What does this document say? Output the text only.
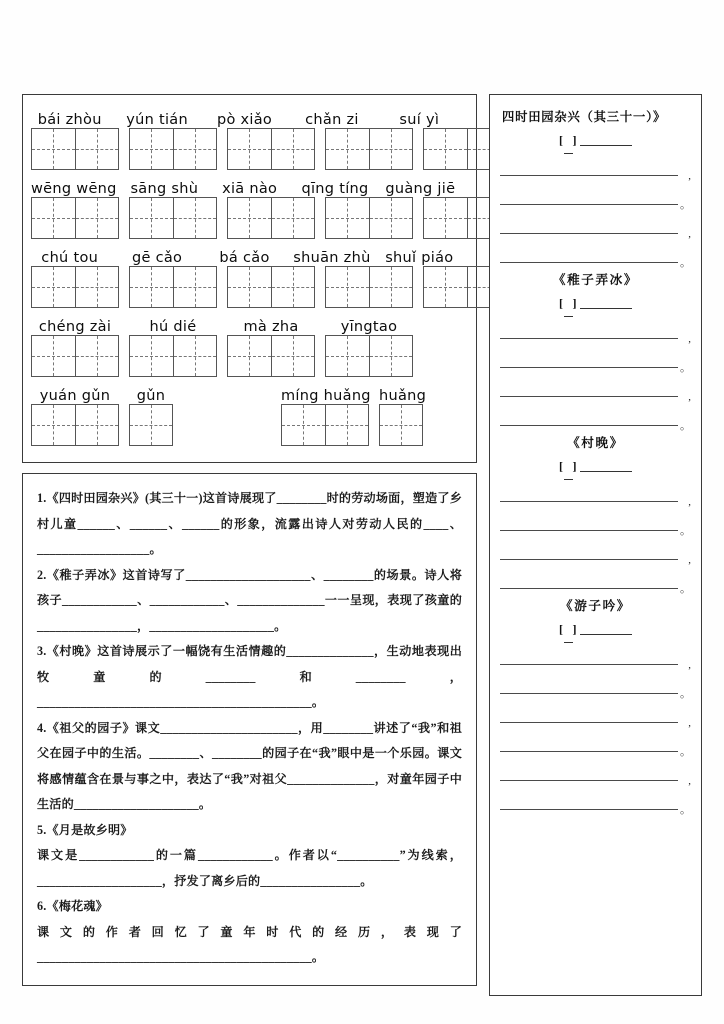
bái zhòu	yún tián	pò xiǎo	chǎn zi	suí yì
wēng wēng sāng shù	xiā nào	qīng tíng guàng jiē
chú tou	gē cǎo	bá cǎo	shuān zhù	shuǐ piáo
chéng zài	hú dié	mà zha	yīngtao
yuán gǔn	gǔn	míng huǎng huǎng
1.《四时田园杂兴》(其三十一)这首诗展现了________时的劳动场面，塑造了乡村儿童______、______、______的形象，流露出诗人对劳动人民的____、__________________。
2.《稚子弄冰》这首诗写了____________________、________的场景。诗人将孩子____________、____________、______________一一呈现，表现了孩童的________________，____________________。
3.《村晚》这首诗展示了一幅饶有生活情趣的______________，生动地表现出牧童的________和________，____________________________________________。
4.《祖父的园子》课文______________________，用________讲述了“我”和祖父在园子中的生活。________、________的园子在“我”眼中是一个乐园。课文将感情蕴含在景与事之中，表达了“我”对祖父______________，对童年园子中生活的____________________。
5.《月是故乡明》
课文是____________的一篇____________。作者以“__________”为线索，____________________，抒发了离乡后的________________。
6.《梅花魂》
课文的作者回忆了童年时代的经历，表现了____________________________________________。
四时田园杂兴（其三十一）》
[ ]
,
。
,
。
《稚子弄冰》
[ ]
,
。
,
。
《村晚》
[ ]
,
。
,
。
《游子吟》
[ ]
,
。
,
。
,
。
